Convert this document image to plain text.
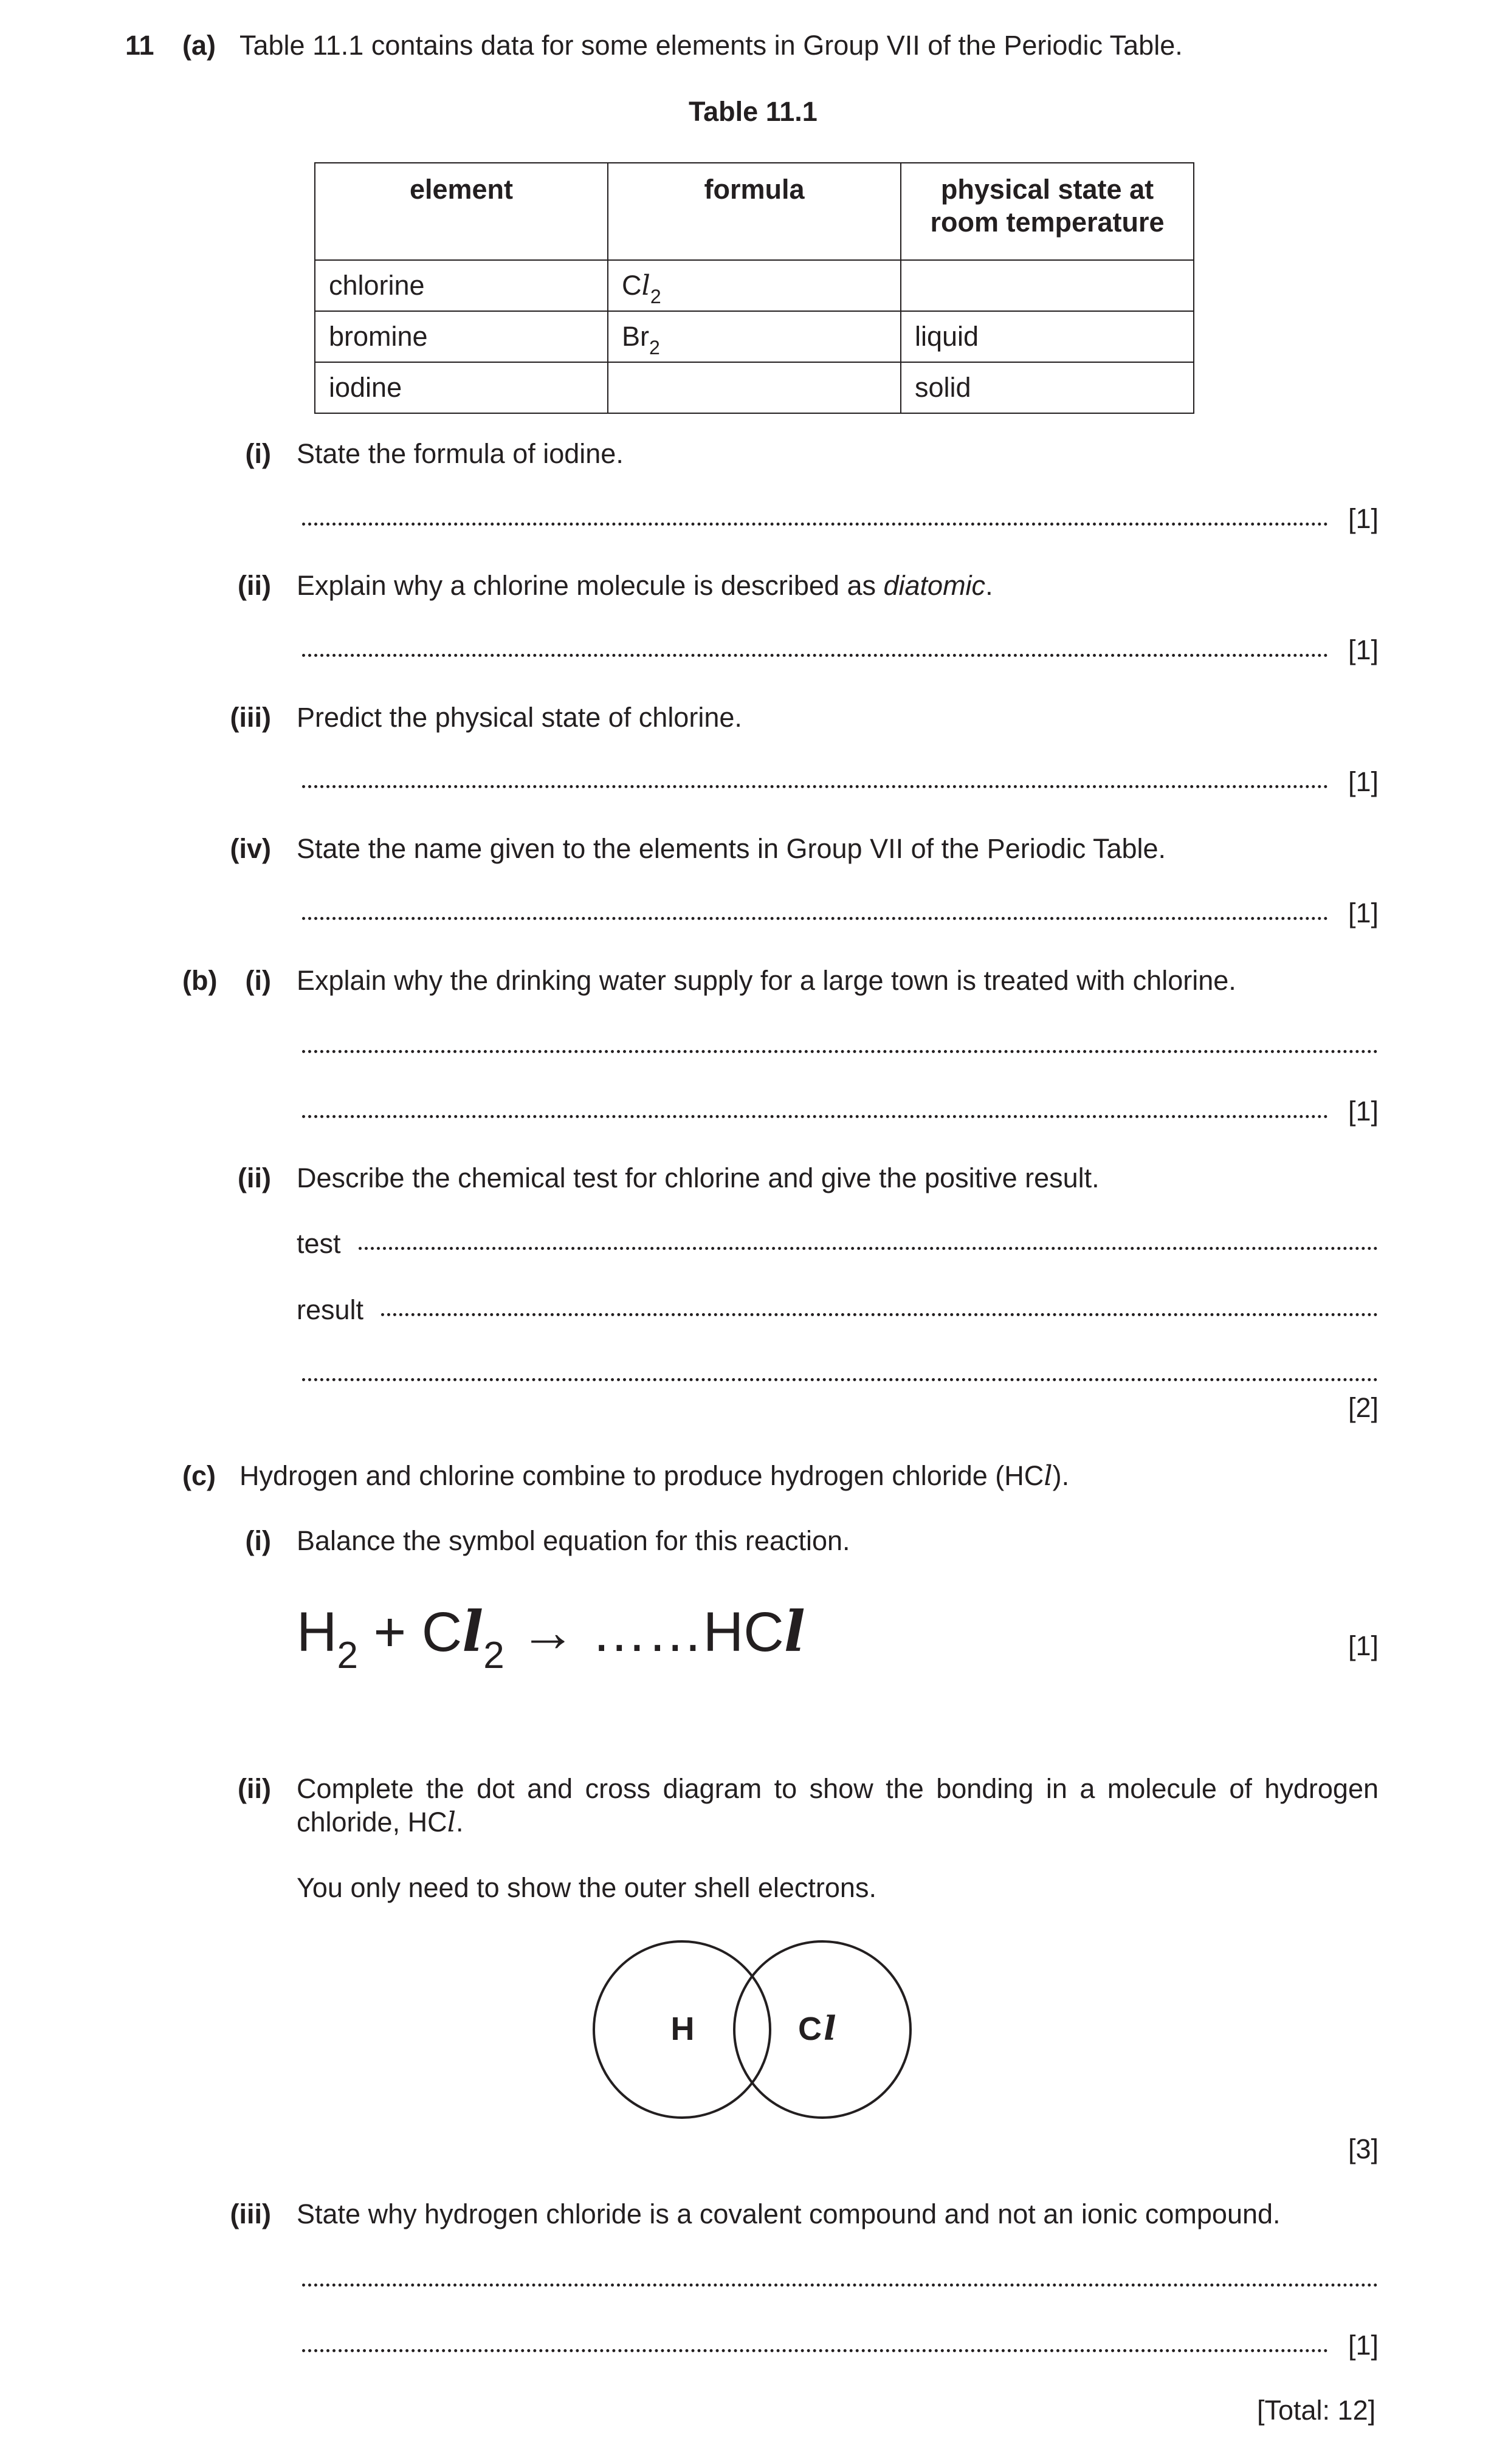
11 (a) Table 11.1 contains data for some elements in Group VII of the Periodic Table.
Table 11.1
element	formula	physical state at
room temperature
chlorine	$Cl_2$	
bromine	$Br_2$	liquid
iodine		solid
(i) State the formula of iodine.
[1]
(ii) Explain why a chlorine molecule is described as diatomic.
[1]
(iii) Predict the physical state of chlorine.
[1]
(iv) State the name given to the elements in Group VII of the Periodic Table.
[1]
(b)	(i) Explain why the drinking water supply for a large town is treated with chlorine.
[1]
(ii) Describe the chemical test for chlorine and give the positive result.
test
result
[2]
(c) Hydrogen and chlorine combine to produce hydrogen chloride (HCl).
(i) Balance the symbol equation for this reaction.
$H_2 + Cl_2$ → ……HCl	[1]
(ii) Complete the dot and cross diagram to show the bonding in a molecule of hydrogen
chloride, HCl.
You only need to show the outer shell electrons.
H	C l
[3]
(iii) State why hydrogen chloride is a covalent compound and not an ionic compound.
[1]
[Total: 12]
